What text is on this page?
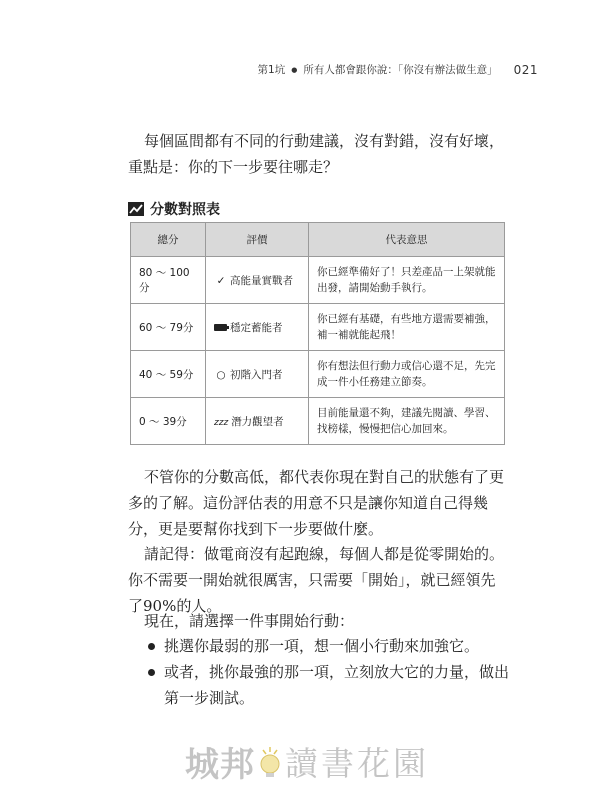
第1坑 ● 所有人都會跟你說：「你沒有辦法做生意」 021

每個區間都有不同的行動建議，沒有對錯，沒有好壞，重點是：你的下一步要往哪走？

分數對照表
總分	評價	代表意思
80 ～ 100分	✓ 高能量實戰者	你已經準備好了！只差產品一上架就能出發，請開始動手執行。
60 ～ 79分	穩定蓄能者	你已經有基礎，有些地方還需要補強，補一補就能起飛！
40 ～ 59分	○ 初階入門者	你有想法但行動力或信心還不足，先完成一件小任務建立節奏。
0 ～ 39分	zzz 潛力觀望者	目前能量還不夠，建議先閱讀、學習、找榜樣，慢慢把信心加回來。

不管你的分數高低，都代表你現在對自己的狀態有了更多的了解。這份評估表的用意不只是讓你知道自己得幾分，更是要幫你找到下一步要做什麼。

請記得：做電商沒有起跑線，每個人都是從零開始的。你不需要一開始就很厲害，只需要「開始」，就已經領先了90%的人。

現在，請選擇一件事開始行動：

挑選你最弱的那一項，想一個小行動來加強它。
或者，挑你最強的那一項，立刻放大它的力量，做出第一步測試。
城邦 讀書花園
